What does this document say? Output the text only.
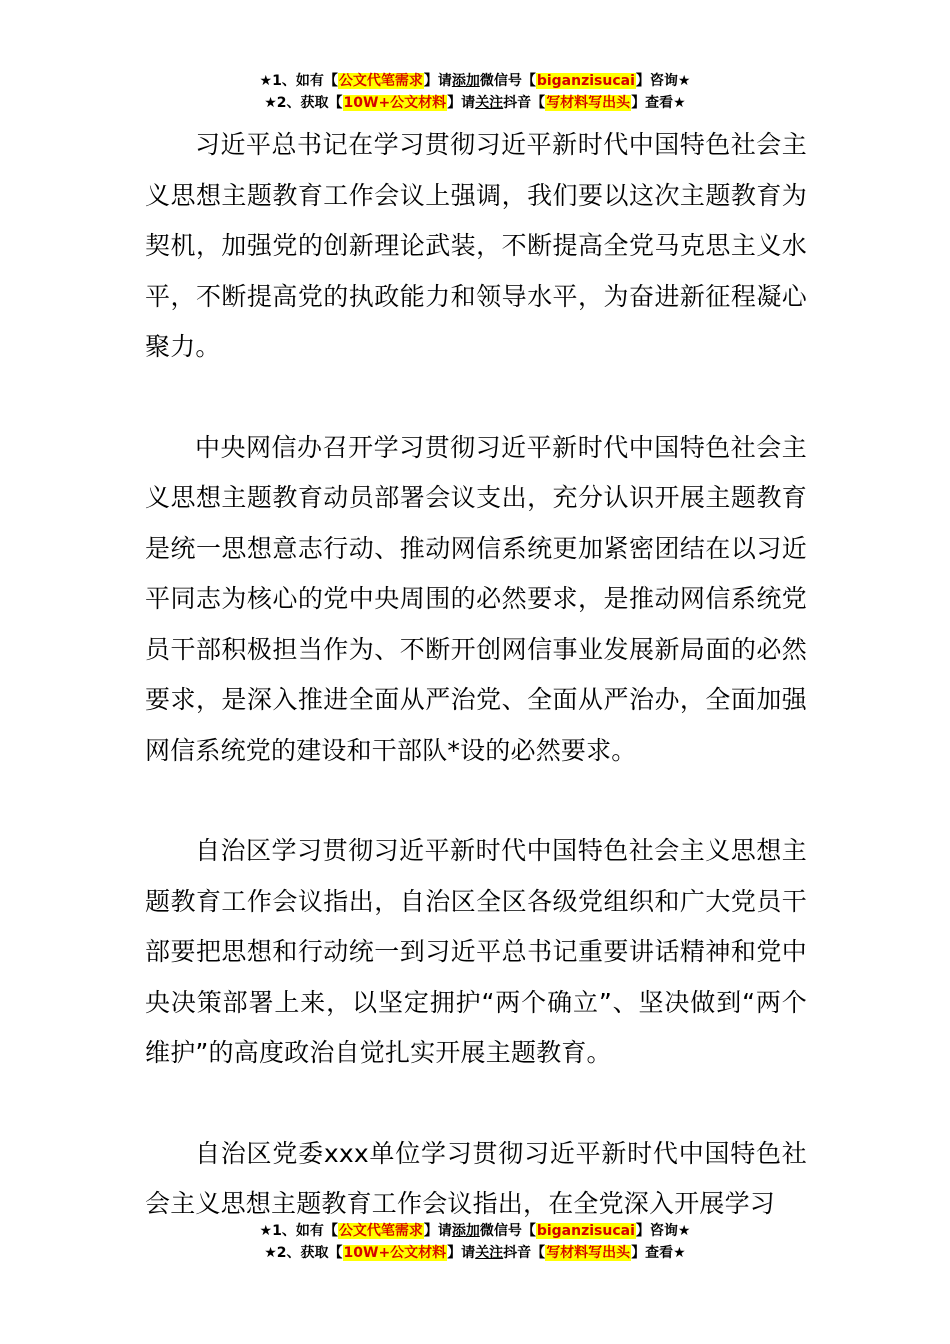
★1、如有【公文代笔需求】请添加微信号【biganzisucai】咨询★
★2、获取【10W+公文材料】请关注抖音【写材料写出头】查看★

习近平总书记在学习贯彻习近平新时代中国特色社会主义思想主题教育工作会议上强调，我们要以这次主题教育为契机，加强党的创新理论武装，不断提高全党马克思主义水平，不断提高党的执政能力和领导水平，为奋进新征程凝心聚力。

中央网信办召开学习贯彻习近平新时代中国特色社会主义思想主题教育动员部署会议支出，充分认识开展主题教育是统一思想意志行动、推动网信系统更加紧密团结在以习近平同志为核心的党中央周围的必然要求，是推动网信系统党员干部积极担当作为、不断开创网信事业发展新局面的必然要求，是深入推进全面从严治党、全面从严治办，全面加强网信系统党的建设和干部队*设的必然要求。

自治区学习贯彻习近平新时代中国特色社会主义思想主题教育工作会议指出，自治区全区各级党组织和广大党员干部要把思想和行动统一到习近平总书记重要讲话精神和党中央决策部署上来，以坚定拥护“两个确立”、坚决做到“两个维护”的高度政治自觉扎实开展主题教育。

自治区党委xxx单位学习贯彻习近平新时代中国特色社会主义思想主题教育工作会议指出，在全党深入开展学习

★1、如有【公文代笔需求】请添加微信号【biganzisucai】咨询★
★2、获取【10W+公文材料】请关注抖音【写材料写出头】查看★
